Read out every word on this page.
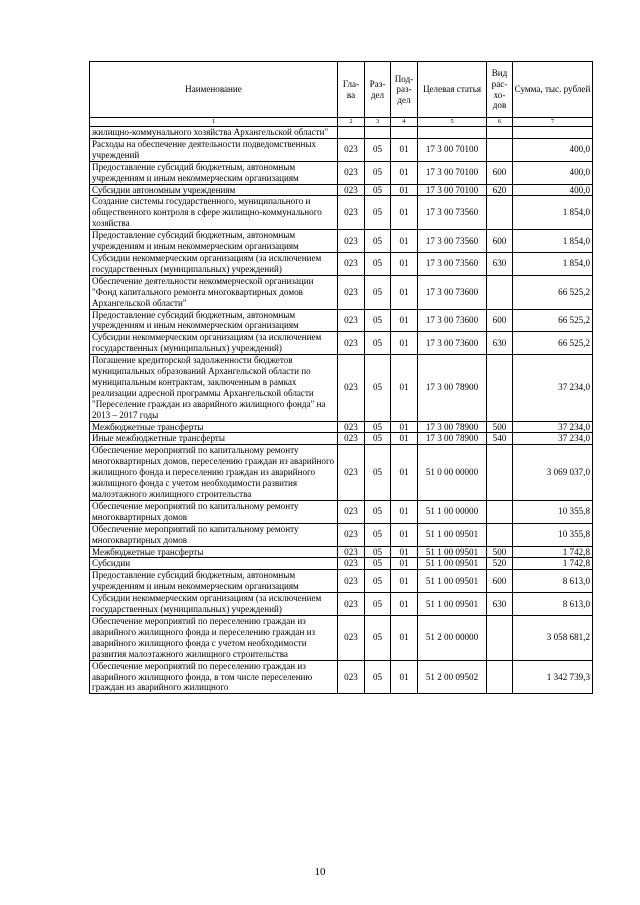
Наименование	Гла-ва	Раз-дел	Под-раз-дел	Целевая статья	Вид рас-хо-дов	Сумма, тыс. рублей
1	2	3	4	5	6	7
жилищно-коммунального хозяйства Архангельской области"						
Расходы на обеспечение деятельности подведомственных учреждений	023	05	01	17 3 00 70100		400,0
Предоставление субсидий бюджетным, автономным учреждениям и иным некоммерческим организациям	023	05	01	17 3 00 70100	600	400,0
Субсидии автономным учреждениям	023	05	01	17 3 00 70100	620	400,0
Создание системы государственного, муниципального и общественного контроля в сфере жилищно-коммунального хозяйства	023	05	01	17 3 00 73560		1 854,0
Предоставление субсидий бюджетным, автономным учреждениям и иным некоммерческим организациям	023	05	01	17 3 00 73560	600	1 854,0
Субсидии некоммерческим организациям (за исключением государственных (муниципальных) учреждений)	023	05	01	17 3 00 73560	630	1 854,0
Обеспечение деятельности некоммерческой организации "Фонд капитального ремонта многоквартирных домов Архангельской области"	023	05	01	17 3 00 73600		66 525,2
Предоставление субсидий бюджетным, автономным учреждениям и иным некоммерческим организациям	023	05	01	17 3 00 73600	600	66 525,2
Субсидии некоммерческим организациям (за исключением государственных (муниципальных) учреждений)	023	05	01	17 3 00 73600	630	66 525,2
Погашение кредиторской задолженности бюджетов муниципальных образований Архангельской области по муниципальным контрактам, заключенным в рамках реализации адресной программы Архангельской области "Переселение граждан из аварийного жилищного фонда" на 2013 – 2017 годы	023	05	01	17 3 00 78900		37 234,0
Межбюджетные трансферты	023	05	01	17 3 00 78900	500	37 234,0
Иные межбюджетные трансферты	023	05	01	17 3 00 78900	540	37 234,0
Обеспечение мероприятий по капитальному ремонту многоквартирных домов, переселению граждан из аварийного жилищного фонда и переселению граждан из аварийного жилищного фонда с учетом необходимости развития малоэтажного жилищного строительства	023	05	01	51 0 00 00000		3 069 037,0
Обеспечение мероприятий по капитальному ремонту многоквартирных домов	023	05	01	51 1 00 00000		10 355,8
Обеспечение мероприятий по капитальному ремонту многоквартирных домов	023	05	01	51 1 00 09501		10 355,8
Межбюджетные трансферты	023	05	01	51 1 00 09501	500	1 742,8
Субсидии	023	05	01	51 1 00 09501	520	1 742,8
Предоставление субсидий бюджетным, автономным учреждениям и иным некоммерческим организациям	023	05	01	51 1 00 09501	600	8 613,0
Субсидии некоммерческим организациям (за исключением государственных (муниципальных) учреждений)	023	05	01	51 1 00 09501	630	8 613,0
Обеспечение мероприятий по переселению граждан из аварийного жилищного фонда и переселению граждан из аварийного жилищного фонда с учетом необходимости развития малоэтажного жилищного строительства	023	05	01	51 2 00 00000		3 058 681,2
Обеспечение мероприятий по переселению граждан из аварийного жилищного фонда, в том числе переселению граждан из аварийного жилищного	023	05	01	51 2 00 09502		1 342 739,3
10
